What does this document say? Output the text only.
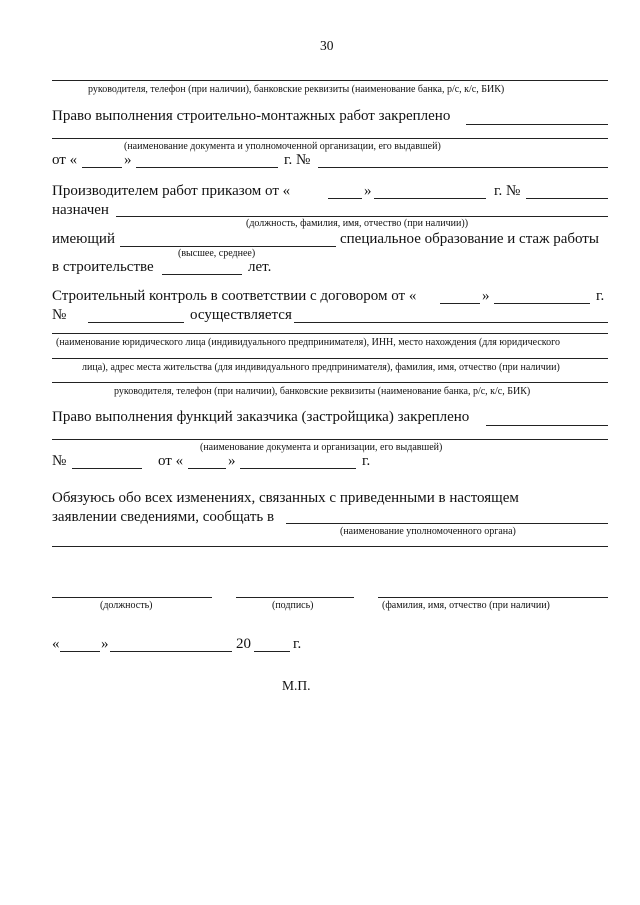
30
руководителя, телефон (при наличии), банковские реквизиты (наименование банка, р/с, к/с, БИК)
Право выполнения строительно-монтажных работ закреплено
(наименование документа и уполномоченной организации, его выдавшей)
от «	»	г. №
Производителем работ приказом от «	»	г. №
назначен
(должность, фамилия, имя, отчество (при наличии))
имеющий	специальное образование и стаж работы
(высшее, среднее)
в строительстве	лет.
Строительный контроль в соответствии с договором от «	»	г.
№	осуществляется
(наименование юридического лица (индивидуального предпринимателя), ИНН, место нахождения (для юридического
лица), адрес места жительства (для индивидуального предпринимателя), фамилия, имя, отчество (при наличии)
руководителя, телефон (при наличии), банковские реквизиты (наименование банка, р/с, к/с, БИК)
Право выполнения функций заказчика (застройщика) закреплено
(наименование документа и организации, его выдавшей)
№	от «	»	г.
Обязуюсь обо всех изменениях, связанных с приведенными в настоящем
заявлении сведениями, сообщать в
(наименование уполномоченного органа)
(должность)	(подпись)	(фамилия, имя, отчество (при наличии)
«	»	20	г.
М.П.
